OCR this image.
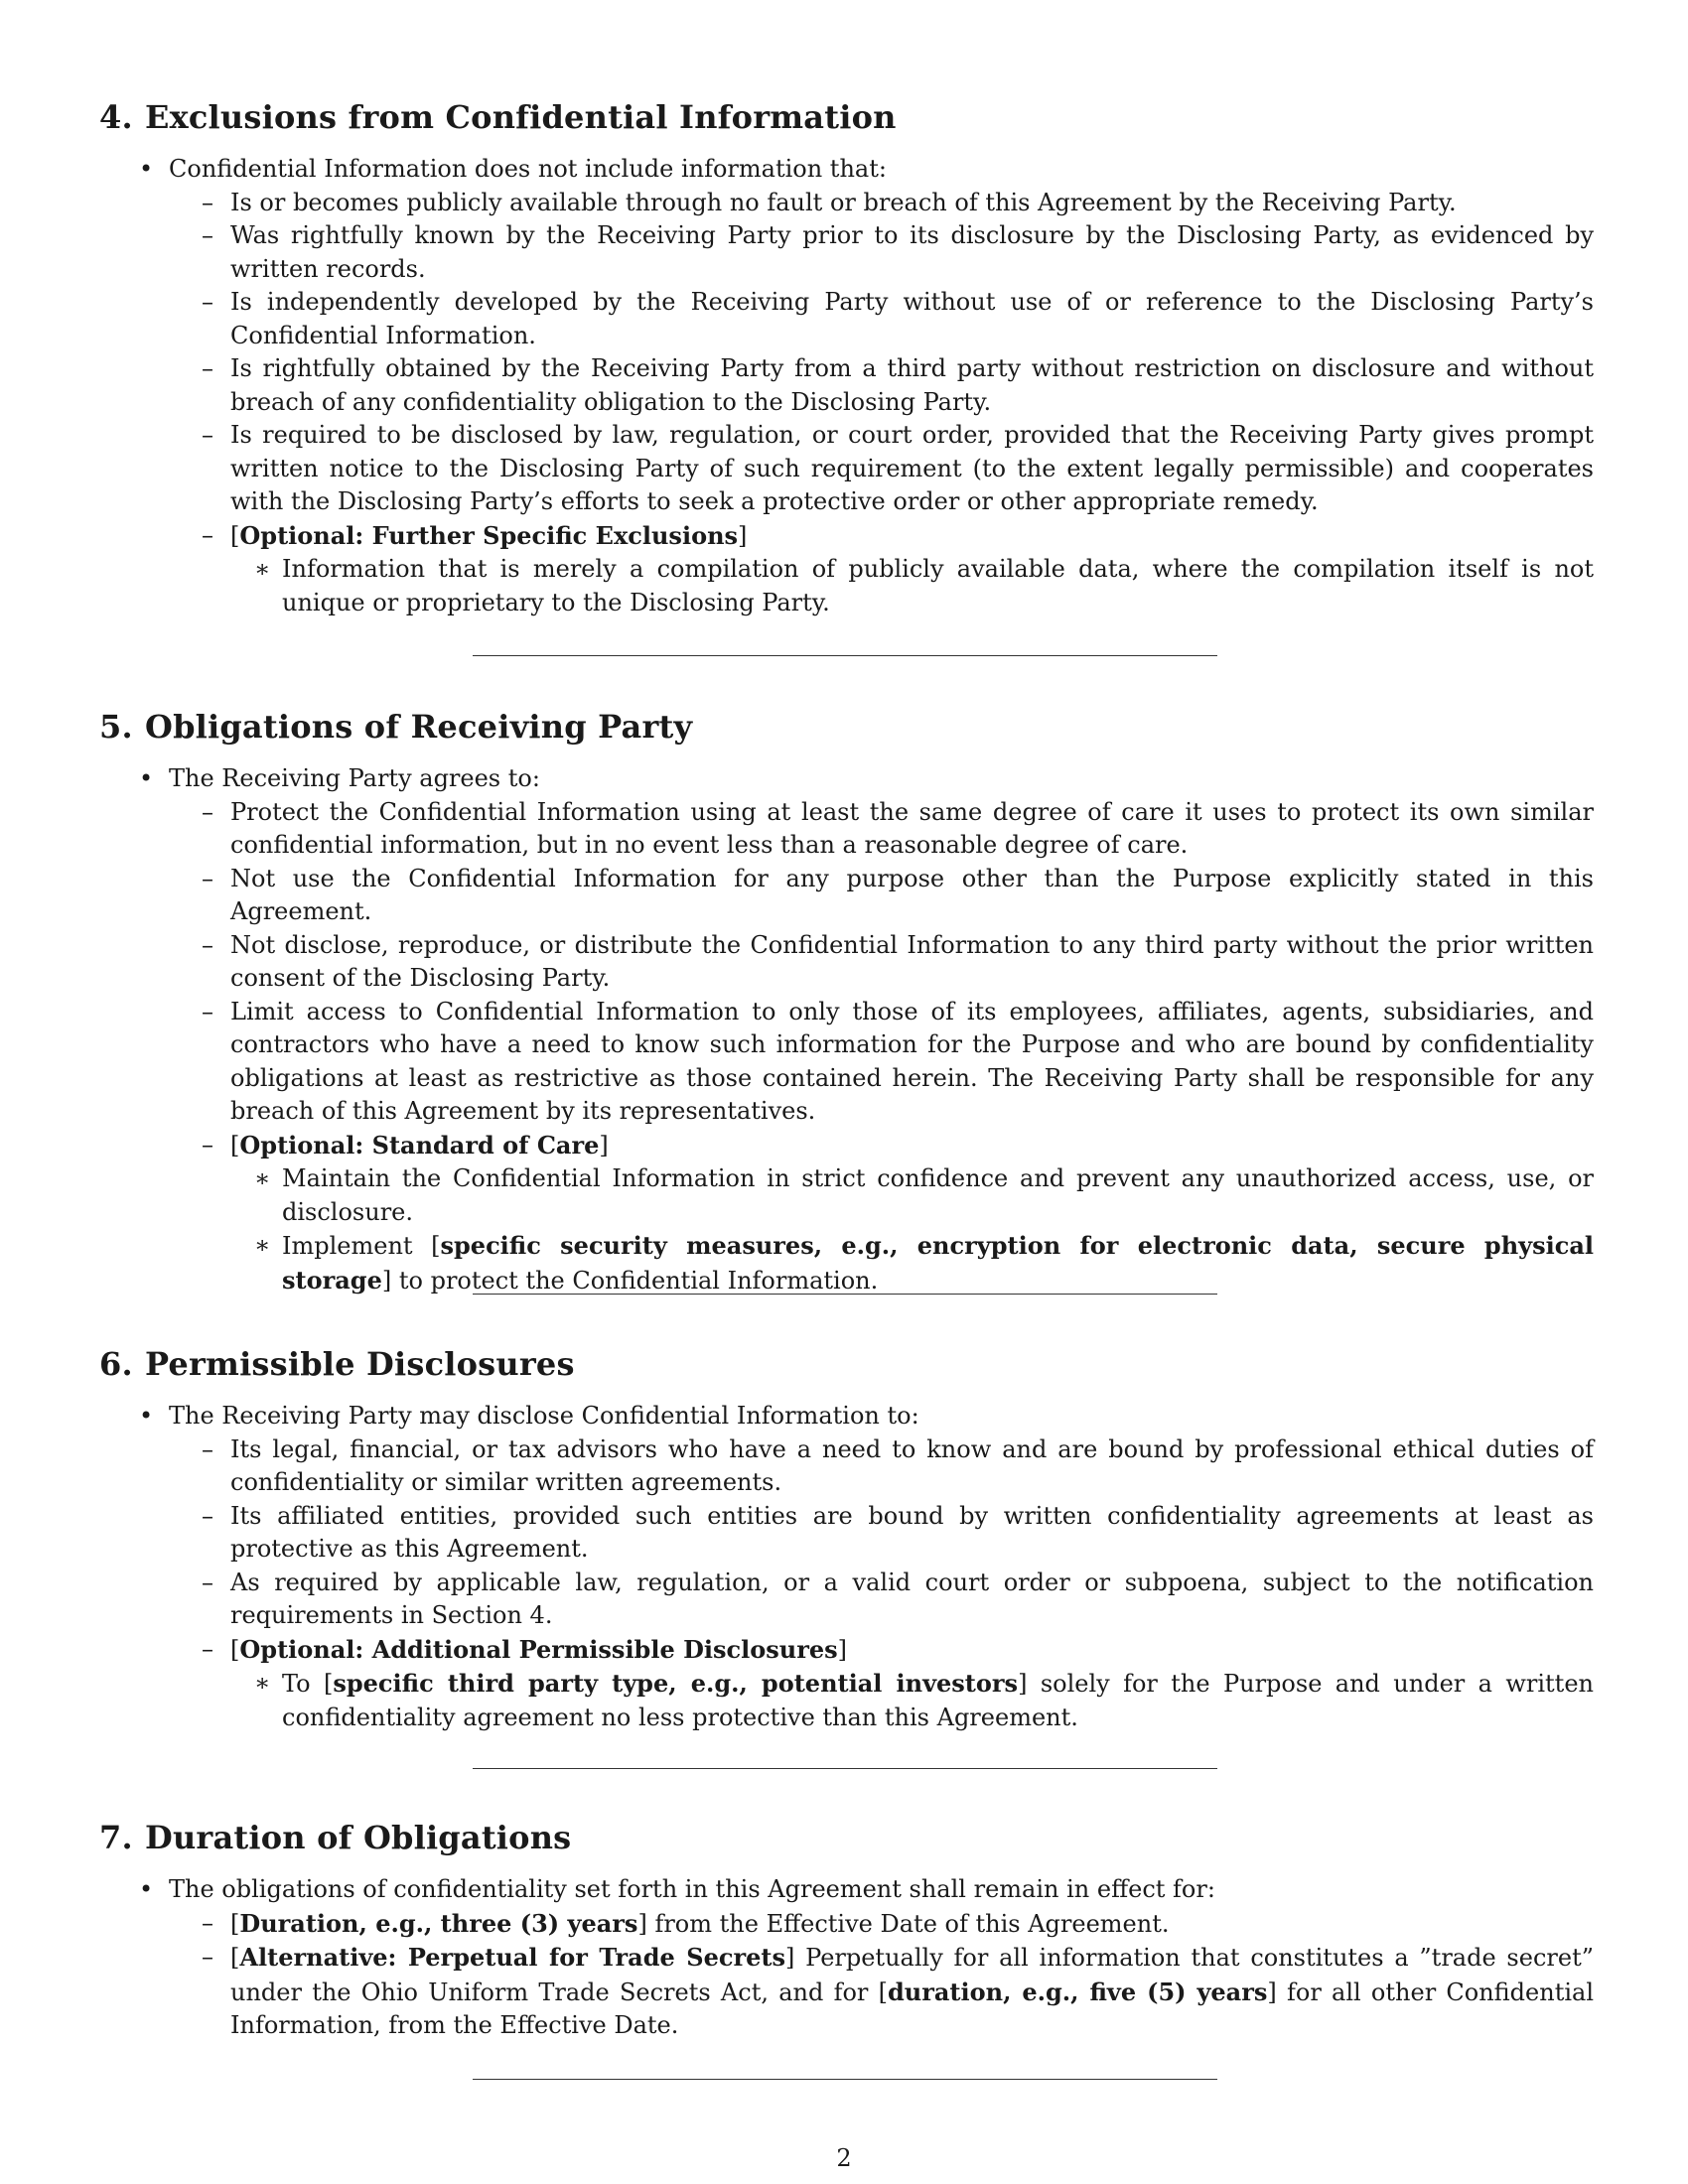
4. Exclusions from Confidential Information
• Confidential Information does not include information that:
– Is or becomes publicly available through no fault or breach of this Agreement by the Receiving Party.
– Was rightfully known by the Receiving Party prior to its disclosure by the Disclosing Party, as evidenced by written records.
– Is independently developed by the Receiving Party without use of or reference to the Disclosing Party’s Confidential Information.
– Is rightfully obtained by the Receiving Party from a third party without restriction on disclosure and without breach of any confidentiality obligation to the Disclosing Party.
– Is required to be disclosed by law, regulation, or court order, provided that the Receiving Party gives prompt written notice to the Disclosing Party of such requirement (to the extent legally permissible) and cooperates with the Disclosing Party’s efforts to seek a protective order or other appropriate remedy.
– [Optional: Further Specific Exclusions]
∗ Information that is merely a compilation of publicly available data, where the compilation itself is not unique or proprietary to the Disclosing Party.
5. Obligations of Receiving Party
• The Receiving Party agrees to:
– Protect the Confidential Information using at least the same degree of care it uses to protect its own similar confidential information, but in no event less than a reasonable degree of care.
– Not use the Confidential Information for any purpose other than the Purpose explicitly stated in this Agreement.
– Not disclose, reproduce, or distribute the Confidential Information to any third party without the prior written consent of the Disclosing Party.
– Limit access to Confidential Information to only those of its employees, affiliates, agents, subsidiaries, and contractors who have a need to know such information for the Purpose and who are bound by confidentiality obligations at least as restrictive as those contained herein. The Receiving Party shall be responsible for any breach of this Agreement by its representatives.
– [Optional: Standard of Care]
∗ Maintain the Confidential Information in strict confidence and prevent any unauthorized access, use, or disclosure.
∗ Implement [specific security measures, e.g., encryption for electronic data, secure physical storage] to protect the Confidential Information.
6. Permissible Disclosures
• The Receiving Party may disclose Confidential Information to:
– Its legal, financial, or tax advisors who have a need to know and are bound by professional ethical duties of confidentiality or similar written agreements.
– Its affiliated entities, provided such entities are bound by written confidentiality agreements at least as protective as this Agreement.
– As required by applicable law, regulation, or a valid court order or subpoena, subject to the notification requirements in Section 4.
– [Optional: Additional Permissible Disclosures]
∗ To [specific third party type, e.g., potential investors] solely for the Purpose and under a written confidentiality agreement no less protective than this Agreement.
7. Duration of Obligations
• The obligations of confidentiality set forth in this Agreement shall remain in effect for:
– [Duration, e.g., three (3) years] from the Effective Date of this Agreement.
– [Alternative: Perpetual for Trade Secrets] Perpetually for all information that constitutes a ”trade secret” under the Ohio Uniform Trade Secrets Act, and for [duration, e.g., five (5) years] for all other Confidential Information, from the Effective Date.
2
